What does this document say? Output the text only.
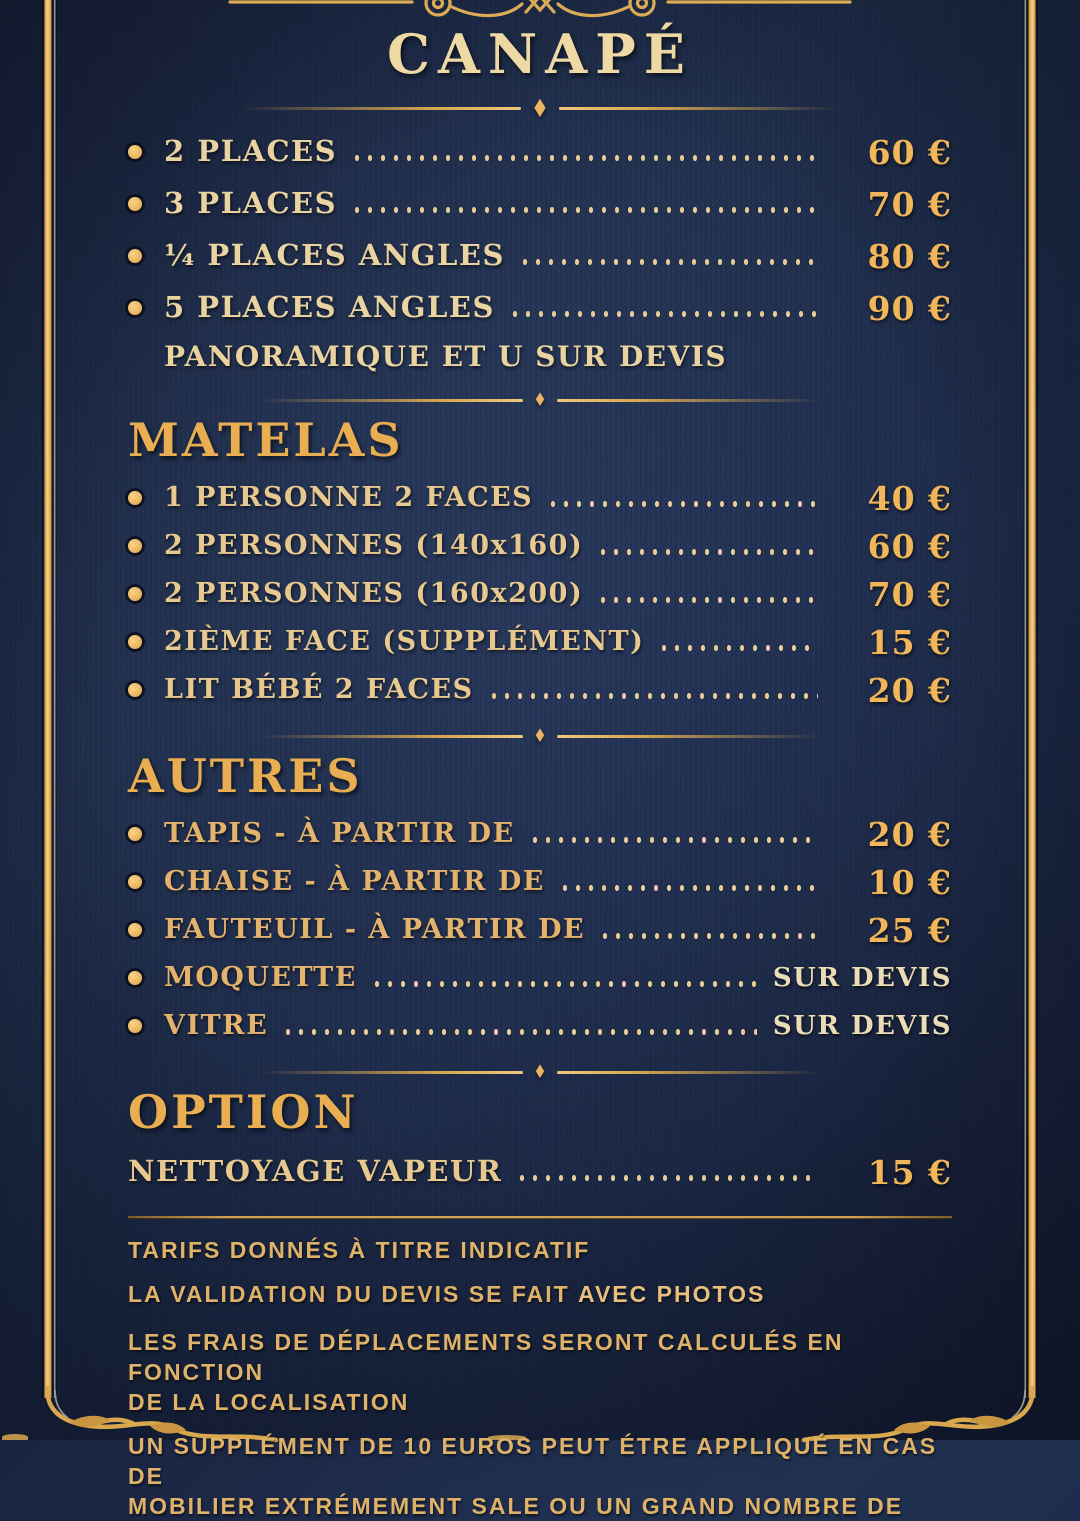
CANAPÉ
♦
2 PLACES	60 €
3 PLACES	70 €
¼ PLACES ANGLES	80 €
5 PLACES ANGLES	90 €
PANORAMIQUE ET U SUR DEVIS
♦
MATELAS
1 PERSONNE 2 FACES	40 €
2 PERSONNES (140x160)	60 €
2 PERSONNES (160x200)	70 €
2IÈME FACE (SUPPLÉMENT)	15 €
LIT BÉBÉ 2 FACES	20 €
♦
AUTRES
TAPIS - À PARTIR DE	20 €
CHAISE - À PARTIR DE	10 €
FAUTEUIL - À PARTIR DE	25 €
MOQUETTE	SUR DEVIS
VITRE	SUR DEVIS
♦
OPTION
NETTOYAGE VAPEUR	15 €

TARIFS DONNÉS À TITRE INDICATIF

LA VALIDATION DU DEVIS SE FAIT AVEC PHOTOS

LES FRAIS DE DÉPLACEMENTS SERONT CALCULÉS EN FONCTION
DE LA LOCALISATION

UN SUPPLÉMENT DE 10 EUROS PEUT ÉTRE APPLIQUÉ EN CAS DE
MOBILIER EXTRÉMEMENT SALE OU UN GRAND NOMBRE DE
